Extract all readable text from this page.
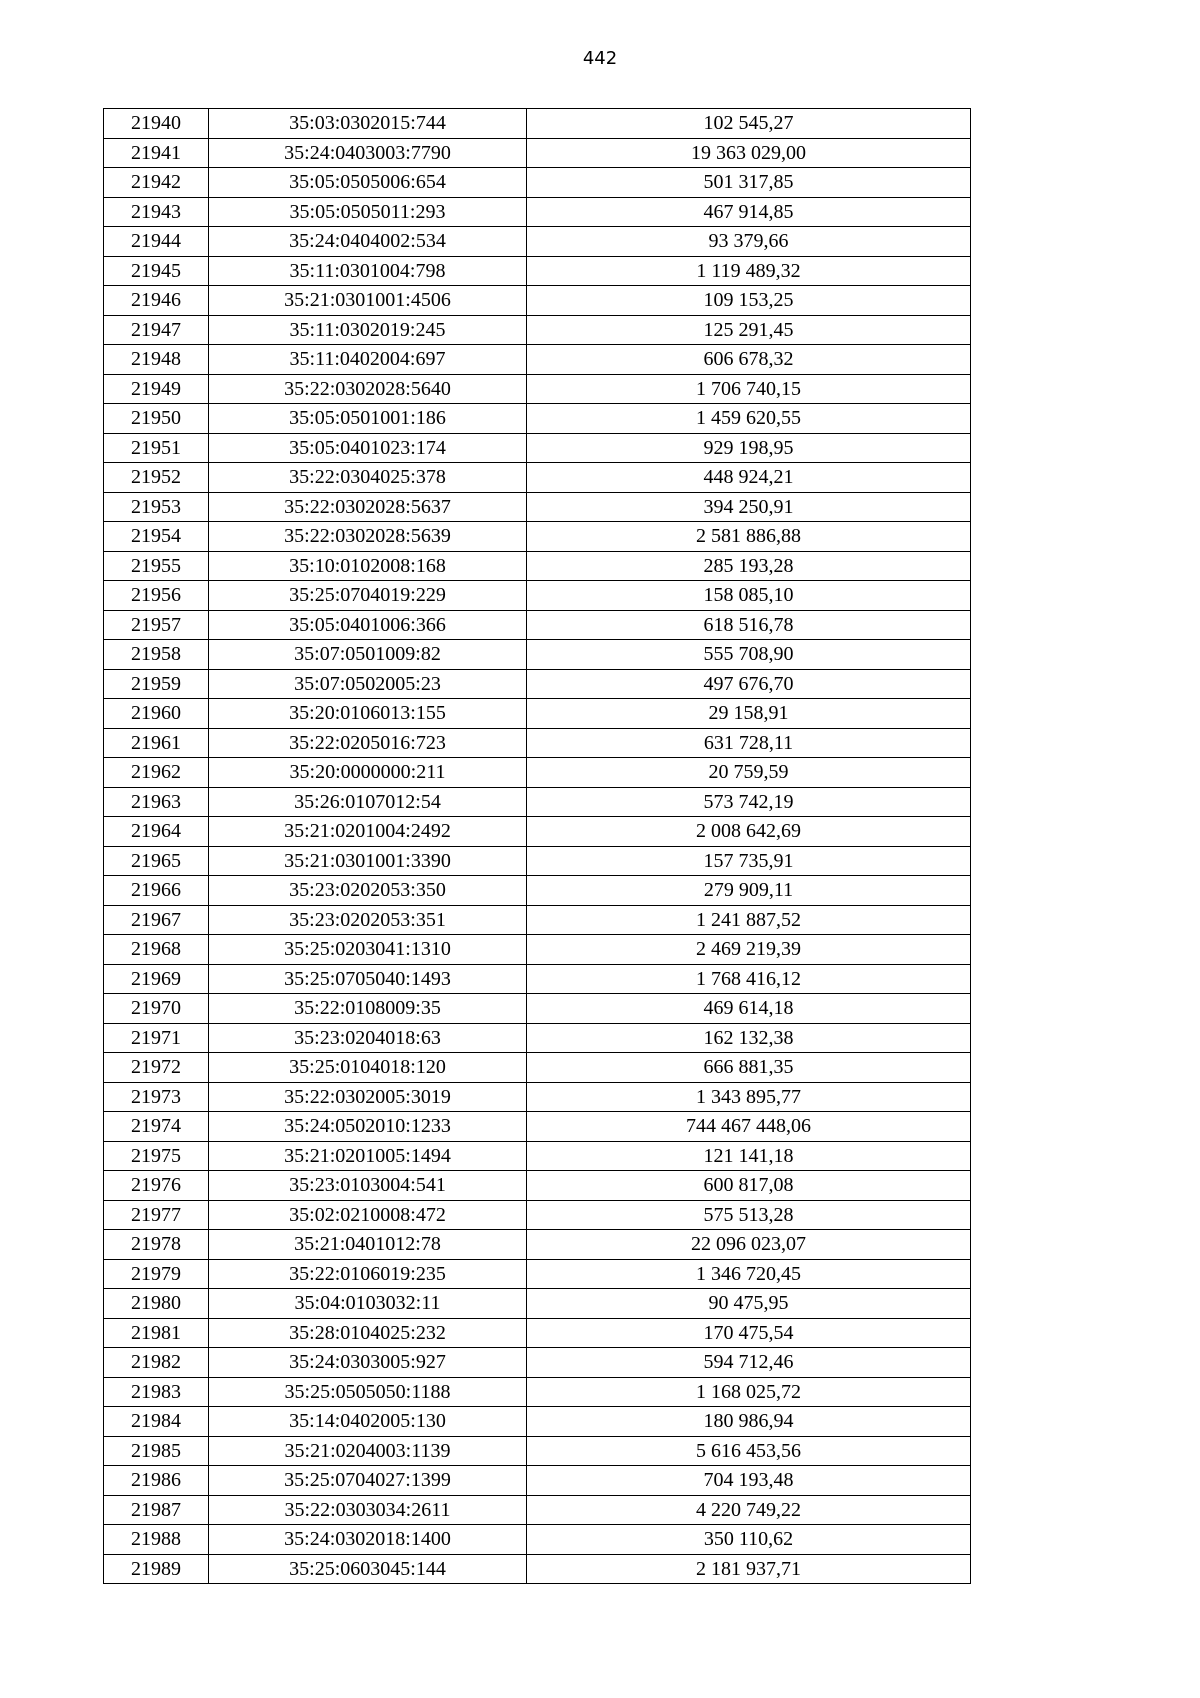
442
21940	35:03:0302015:744	102 545,27
21941	35:24:0403003:7790	19 363 029,00
21942	35:05:0505006:654	501 317,85
21943	35:05:0505011:293	467 914,85
21944	35:24:0404002:534	93 379,66
21945	35:11:0301004:798	1 119 489,32
21946	35:21:0301001:4506	109 153,25
21947	35:11:0302019:245	125 291,45
21948	35:11:0402004:697	606 678,32
21949	35:22:0302028:5640	1 706 740,15
21950	35:05:0501001:186	1 459 620,55
21951	35:05:0401023:174	929 198,95
21952	35:22:0304025:378	448 924,21
21953	35:22:0302028:5637	394 250,91
21954	35:22:0302028:5639	2 581 886,88
21955	35:10:0102008:168	285 193,28
21956	35:25:0704019:229	158 085,10
21957	35:05:0401006:366	618 516,78
21958	35:07:0501009:82	555 708,90
21959	35:07:0502005:23	497 676,70
21960	35:20:0106013:155	29 158,91
21961	35:22:0205016:723	631 728,11
21962	35:20:0000000:211	20 759,59
21963	35:26:0107012:54	573 742,19
21964	35:21:0201004:2492	2 008 642,69
21965	35:21:0301001:3390	157 735,91
21966	35:23:0202053:350	279 909,11
21967	35:23:0202053:351	1 241 887,52
21968	35:25:0203041:1310	2 469 219,39
21969	35:25:0705040:1493	1 768 416,12
21970	35:22:0108009:35	469 614,18
21971	35:23:0204018:63	162 132,38
21972	35:25:0104018:120	666 881,35
21973	35:22:0302005:3019	1 343 895,77
21974	35:24:0502010:1233	744 467 448,06
21975	35:21:0201005:1494	121 141,18
21976	35:23:0103004:541	600 817,08
21977	35:02:0210008:472	575 513,28
21978	35:21:0401012:78	22 096 023,07
21979	35:22:0106019:235	1 346 720,45
21980	35:04:0103032:11	90 475,95
21981	35:28:0104025:232	170 475,54
21982	35:24:0303005:927	594 712,46
21983	35:25:0505050:1188	1 168 025,72
21984	35:14:0402005:130	180 986,94
21985	35:21:0204003:1139	5 616 453,56
21986	35:25:0704027:1399	704 193,48
21987	35:22:0303034:2611	4 220 749,22
21988	35:24:0302018:1400	350 110,62
21989	35:25:0603045:144	2 181 937,71
